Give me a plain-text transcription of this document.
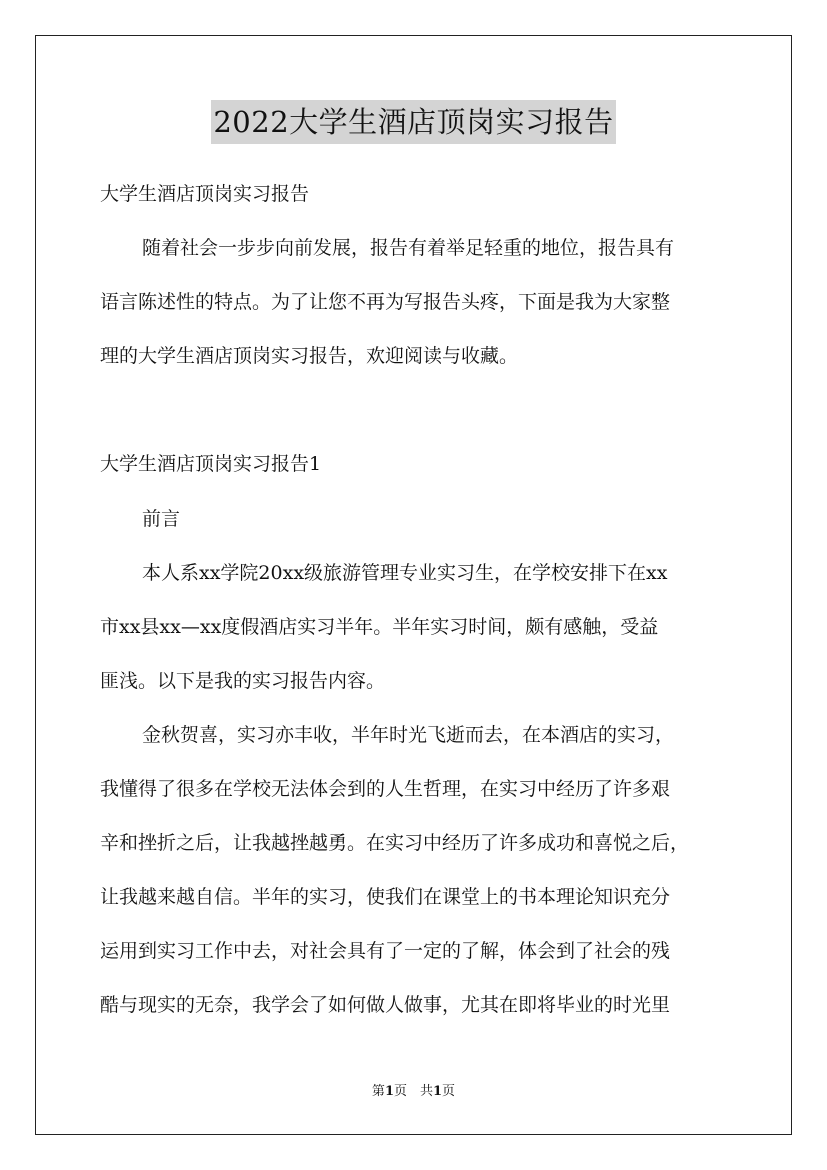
2022大学生酒店顶岗实习报告
大学生酒店顶岗实习报告
随着社会一步步向前发展，报告有着举足轻重的地位，报告具有
语言陈述性的特点。为了让您不再为写报告头疼，下面是我为大家整
理的大学生酒店顶岗实习报告，欢迎阅读与收藏。
大学生酒店顶岗实习报告1
前言
本人系xx学院20xx级旅游管理专业实习生，在学校安排下在xx
市xx县xx—xx度假酒店实习半年。半年实习时间，颇有感触，受益
匪浅。以下是我的实习报告内容。
金秋贺喜，实习亦丰收，半年时光飞逝而去，在本酒店的实习，
我懂得了很多在学校无法体会到的人生哲理，在实习中经历了许多艰
辛和挫折之后，让我越挫越勇。在实习中经历了许多成功和喜悦之后，
让我越来越自信。半年的实习，使我们在课堂上的书本理论知识充分
运用到实习工作中去，对社会具有了一定的了解，体会到了社会的残
酷与现实的无奈，我学会了如何做人做事，尤其在即将毕业的时光里
第1页　共1页
